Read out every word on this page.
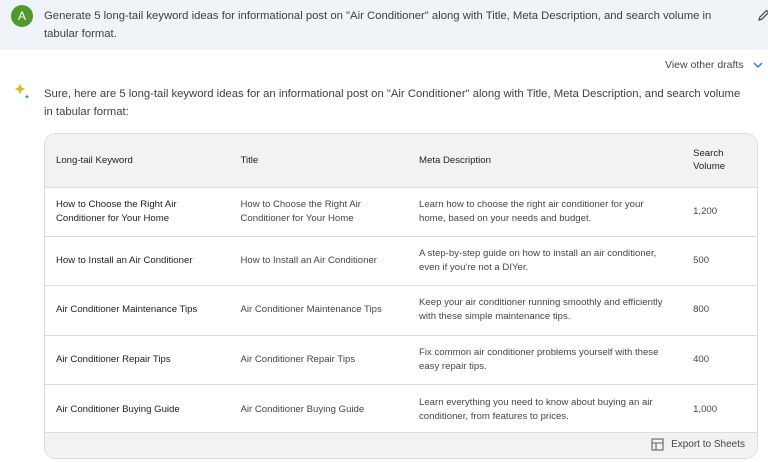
A	Generate 5 long-tail keyword ideas for informational post on "Air Conditioner" along with Title, Meta Description, and search volume in tabular format.
View other drafts
Sure, here are 5 long-tail keyword ideas for an informational post on "Air Conditioner" along with Title, Meta Description, and search volume in tabular format:
Long-tail Keyword	Title	Meta Description	Search Volume
How to Choose the Right Air Conditioner for Your Home	How to Choose the Right Air Conditioner for Your Home	Learn how to choose the right air conditioner for your home, based on your needs and budget.	1,200
How to Install an Air Conditioner	How to Install an Air Conditioner	A step-by-step guide on how to install an air conditioner, even if you're not a DIYer.	500
Air Conditioner Maintenance Tips	Air Conditioner Maintenance Tips	Keep your air conditioner running smoothly and efficiently with these simple maintenance tips.	800
Air Conditioner Repair Tips	Air Conditioner Repair Tips	Fix common air conditioner problems yourself with these easy repair tips.	400
Air Conditioner Buying Guide	Air Conditioner Buying Guide	Learn everything you need to know about buying an air conditioner, from features to prices.	1,000
Export to Sheets
